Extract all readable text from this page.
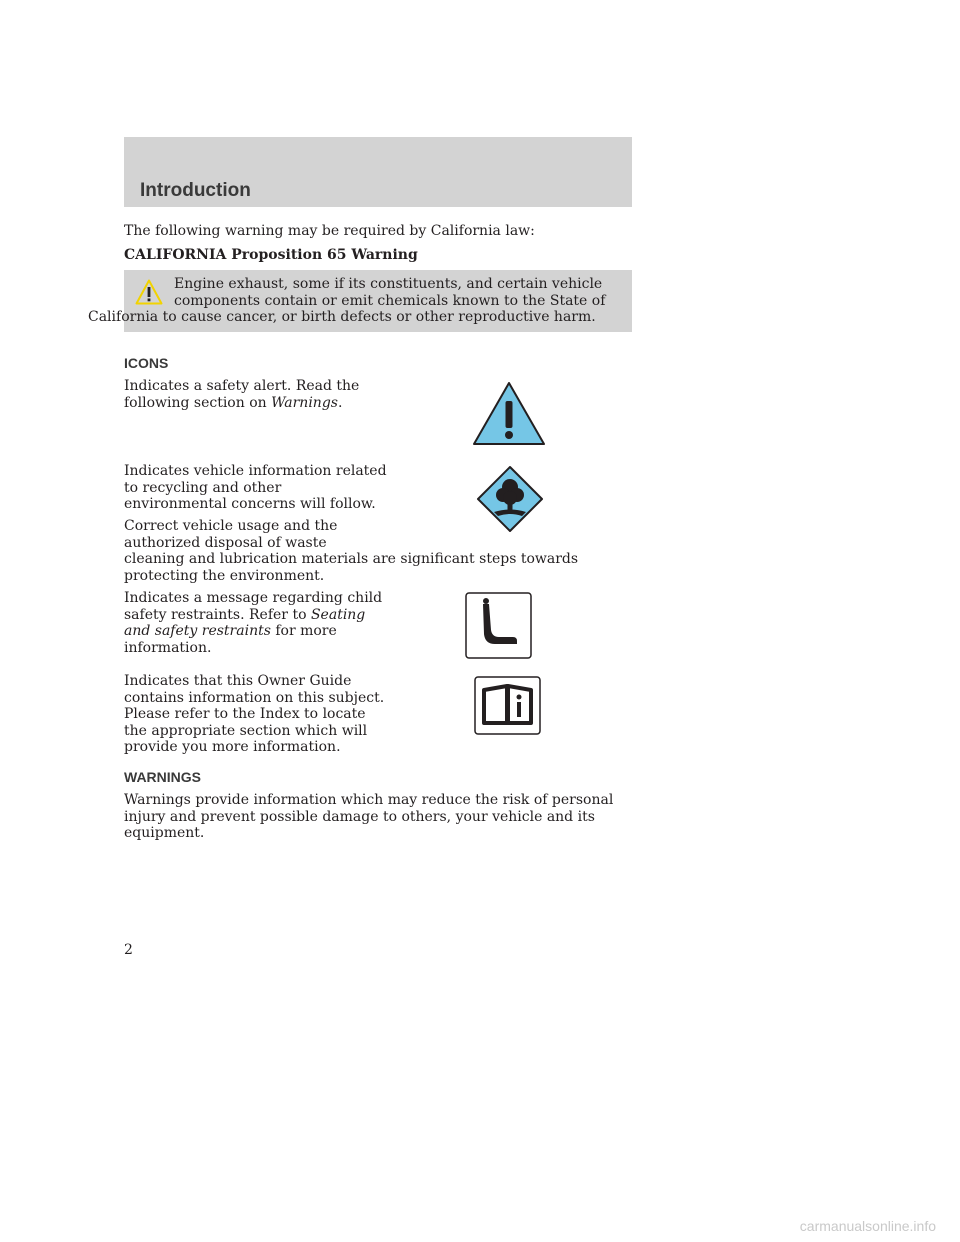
Introduction

The following warning may be required by California law:

CALIFORNIA Proposition 65 Warning

Engine exhaust, some if its constituents, and certain vehicle
components contain or emit chemicals known to the State of
California to cause cancer, or birth defects or other reproductive harm.

ICONS

Indicates a safety alert. Read the
following section on Warnings.

Indicates vehicle information related
to recycling and other
environmental concerns will follow.

Correct vehicle usage and the
authorized disposal of waste
cleaning and lubrication materials are significant steps towards
protecting the environment.

Indicates a message regarding child
safety restraints. Refer to Seating
and safety restraints for more
information.

Indicates that this Owner Guide
contains information on this subject.
Please refer to the Index to locate
the appropriate section which will
provide you more information.

WARNINGS

Warnings provide information which may reduce the risk of personal
injury and prevent possible damage to others, your vehicle and its
equipment.

2
carmanualsonline.info
